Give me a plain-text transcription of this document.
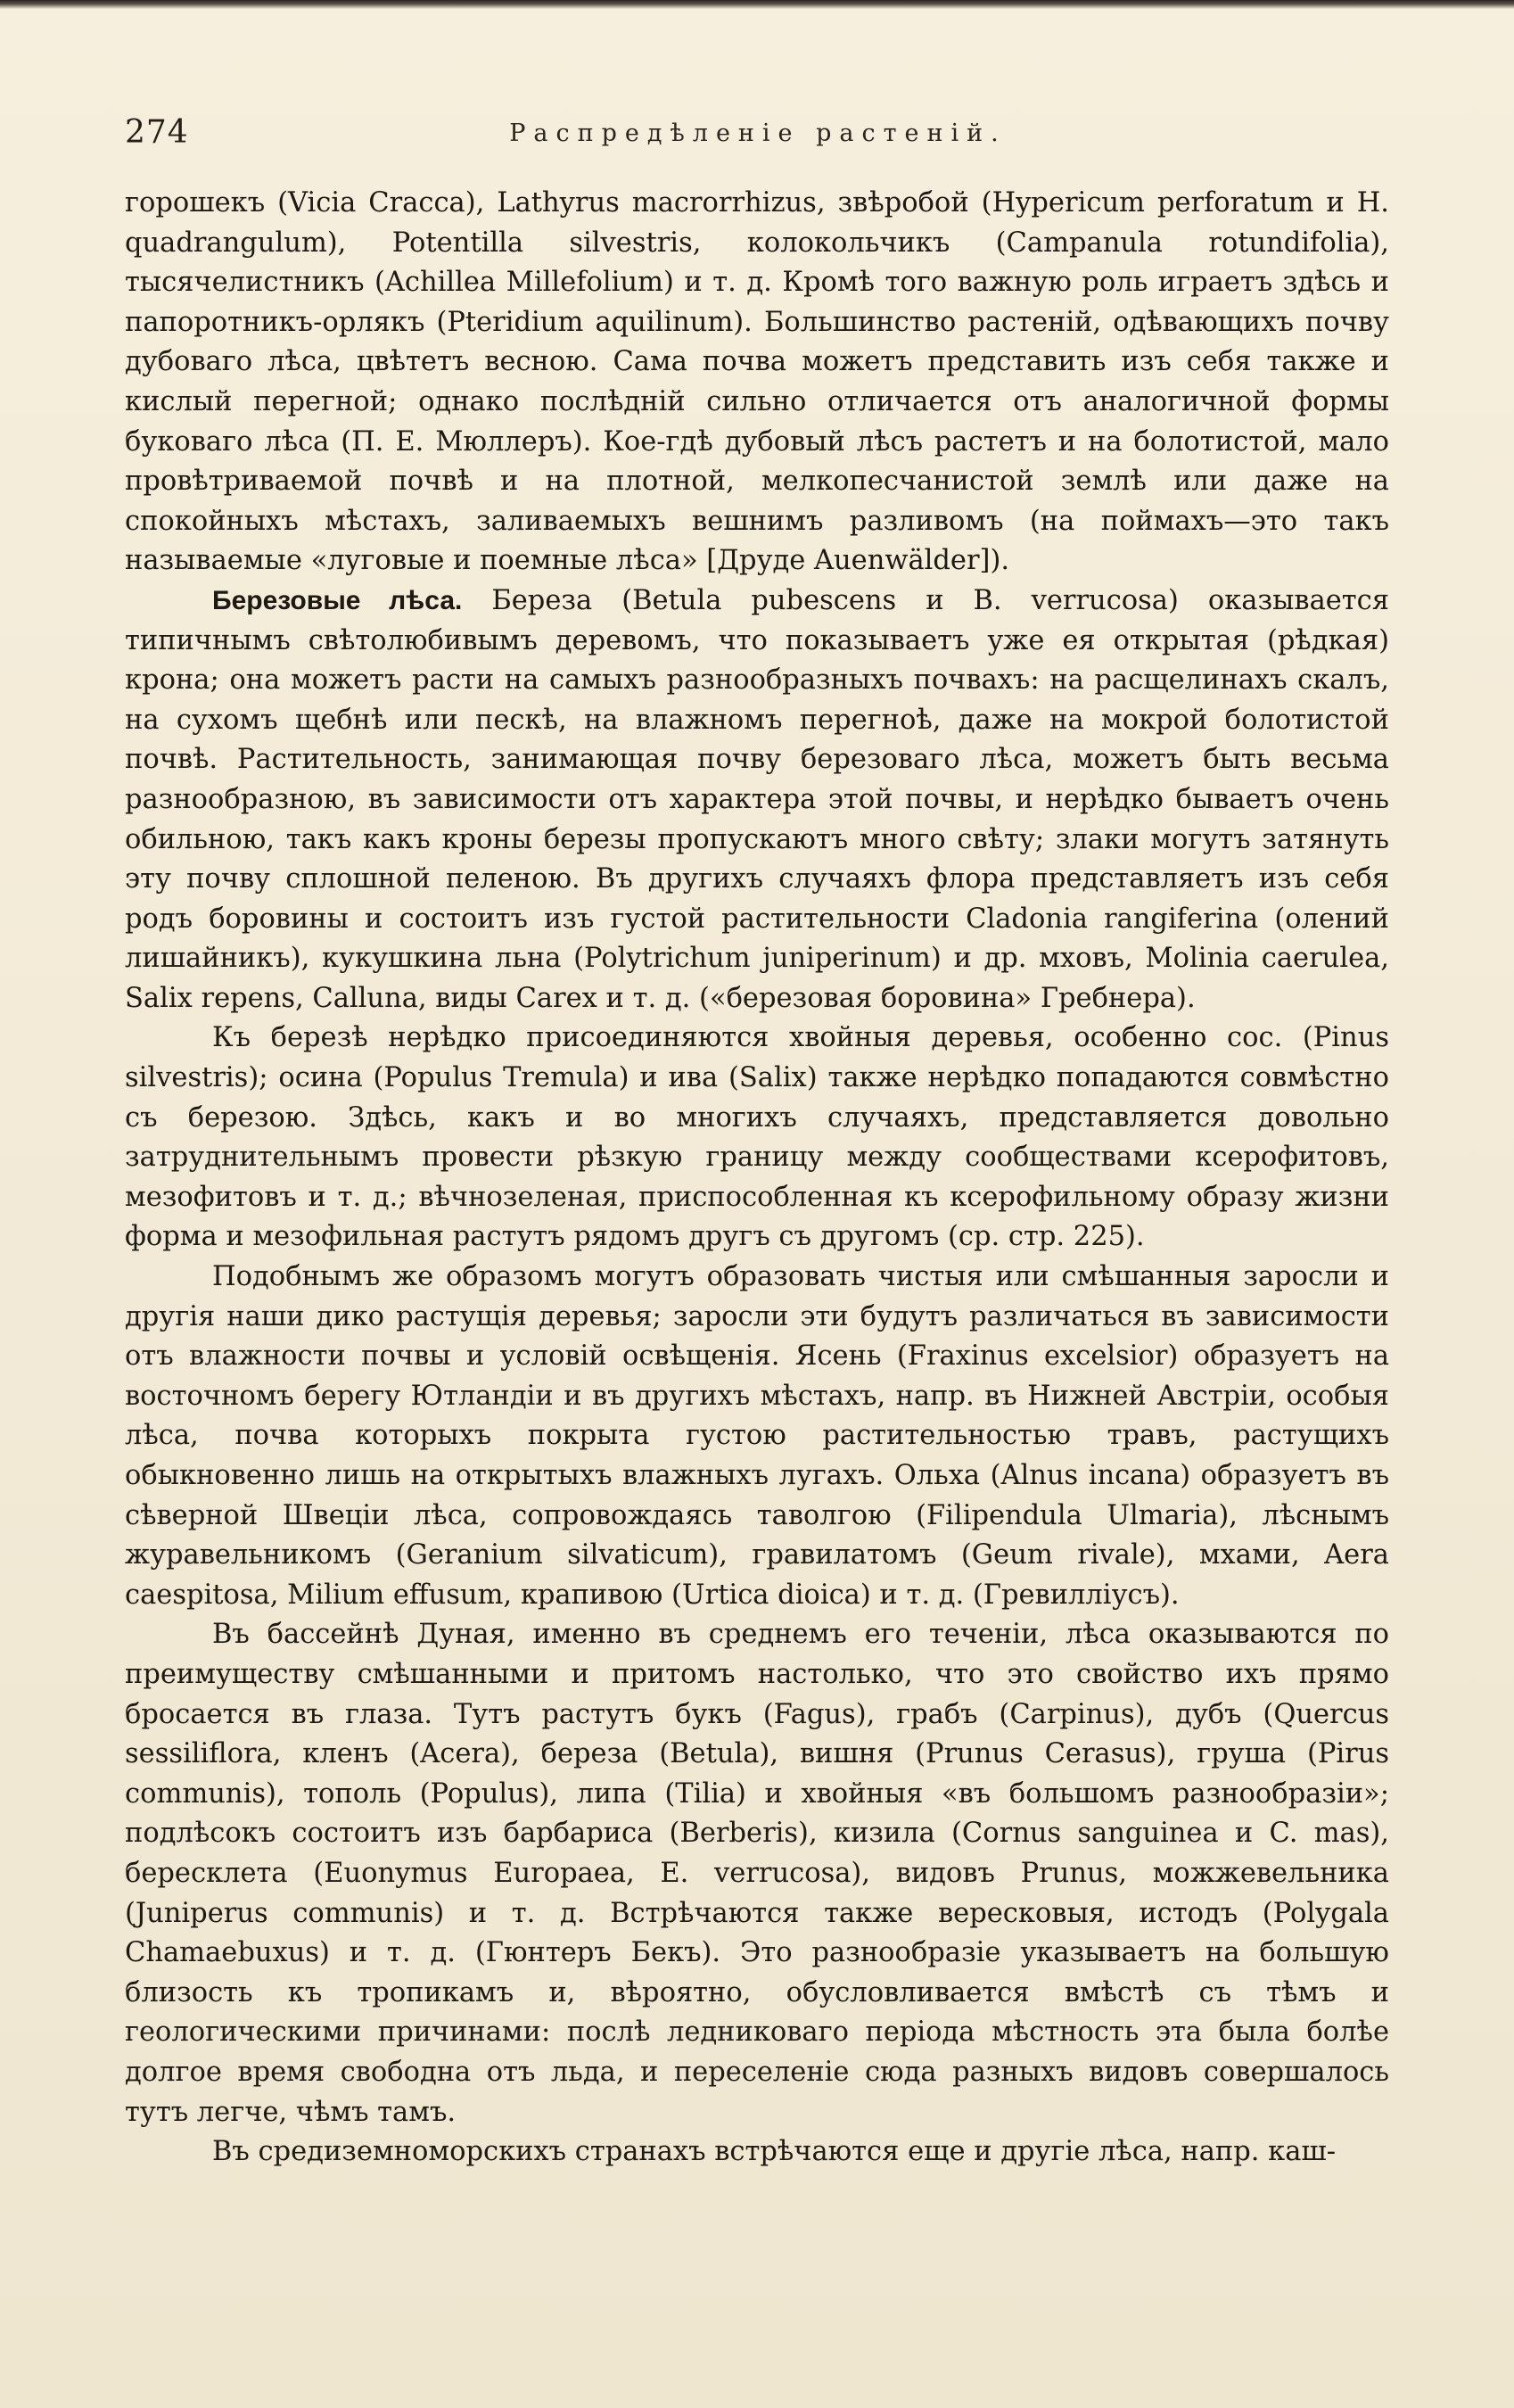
274	Распредѣленіе растеній.

горошекъ (Vicia Cracca), Lathyrus macrorrhizus, звѣробой (Hypericum perforatum и H. quadrangulum), Potentilla silvestris, колокольчикъ (Campanula rotundifolia), тысячелистникъ (Achillea Millefolium) и т. д. Кромѣ того важную роль играетъ здѣсь и папоротникъ-орлякъ (Pteridium aquilinum). Большинство растеній, одѣвающихъ почву дубоваго лѣса, цвѣтетъ весною. Сама почва можетъ представить изъ себя также и кислый перегной; однако послѣдній сильно отличается отъ аналогичной формы буковаго лѣса (П. Е. Мюллеръ). Кое-гдѣ дубовый лѣсъ растетъ и на болотистой, мало провѣтриваемой почвѣ и на плотной, мелкопесчанистой землѣ или даже на спокойныхъ мѣстахъ, заливаемыхъ вешнимъ разливомъ (на поймахъ—это такъ называемые «луговые и поемные лѣса» [Друде Auenwälder]).

Березовые лѣса. Береза (Betula pubescens и B. verrucosa) оказывается типичнымъ свѣтолюбивымъ деревомъ, что показываетъ уже ея открытая (рѣдкая) крона; она можетъ расти на самыхъ разнообразныхъ почвахъ: на расщелинахъ скалъ, на сухомъ щебнѣ или пескѣ, на влажномъ перегноѣ, даже на мокрой болотистой почвѣ. Растительность, занимающая почву березоваго лѣса, можетъ быть весьма разнообразною, въ зависимости отъ характера этой почвы, и нерѣдко бываетъ очень обильною, такъ какъ кроны березы пропускаютъ много свѣту; злаки могутъ затянуть эту почву сплошной пеленою. Въ другихъ случаяхъ флора представляетъ изъ себя родъ боровины и состоитъ изъ густой растительности Cladonia rangiferina (олений лишайникъ), кукушкина льна (Polytrichum juniperinum) и др. мховъ, Molinia caerulea, Salix repens, Calluna, виды Carex и т. д. («березовая боровина» Гребнера).

Къ березѣ нерѣдко присоединяются хвойныя деревья, особенно сос. (Pinus silvestris); осина (Populus Tremula) и ива (Salix) также нерѣдко попадаются совмѣстно съ березою. Здѣсь, какъ и во многихъ случаяхъ, представляется довольно затруднительнымъ провести рѣзкую границу между сообществами ксерофитовъ, мезофитовъ и т. д.; вѣчнозеленая, приспособленная къ ксерофильному образу жизни форма и мезофильная растутъ рядомъ другъ съ другомъ (ср. стр. 225).

Подобнымъ же образомъ могутъ образовать чистыя или смѣшанныя заросли и другія наши дико растущія деревья; заросли эти будутъ различаться въ зависимости отъ влажности почвы и условій освѣщенія. Ясень (Fraxinus excelsior) образуетъ на восточномъ берегу Ютландіи и въ другихъ мѣстахъ, напр. въ Нижней Австріи, особыя лѣса, почва которыхъ покрыта густою растительностью травъ, растущихъ обыкновенно лишь на открытыхъ влажныхъ лугахъ. Ольха (Alnus incana) образуетъ въ сѣверной Швеціи лѣса, сопровождаясь таволгою (Filipendula Ulmaria), лѣснымъ журавельникомъ (Geranium silvaticum), гравилатомъ (Geum rivale), мхами, Aera caespitosa, Milium effusum, крапивою (Urtica dioica) и т. д. (Гревилліусъ).

Въ бассейнѣ Дуная, именно въ среднемъ его теченіи, лѣса оказываются по преимуществу смѣшанными и притомъ настолько, что это свойство ихъ прямо бросается въ глаза. Тутъ растутъ букъ (Fagus), грабъ (Carpinus), дубъ (Quercus sessiliflora, кленъ (Acera), береза (Betula), вишня (Prunus Cerasus), груша (Pirus communis), тополь (Populus), липа (Tilia) и хвойныя «въ большомъ разнообразіи»; подлѣсокъ состоитъ изъ барбариса (Berberis), кизила (Cornus sanguinea и C. mas), бересклета (Euonymus Europaea, E. verrucosa), видовъ Prunus, можжевельника (Juniperus communis) и т. д. Встрѣчаются также вересковыя, истодъ (Polygala Chamaebuxus) и т. д. (Гюнтеръ Бекъ). Это разнообразіе указываетъ на большую близость къ тропикамъ и, вѣроятно, обусловливается вмѣстѣ съ тѣмъ и геологическими причинами: послѣ ледниковаго періода мѣстность эта была болѣе долгое время свободна отъ льда, и переселеніе сюда разныхъ видовъ совершалось тутъ легче, чѣмъ тамъ.

Въ средиземноморскихъ странахъ встрѣчаются еще и другіе лѣса, напр. каш-
